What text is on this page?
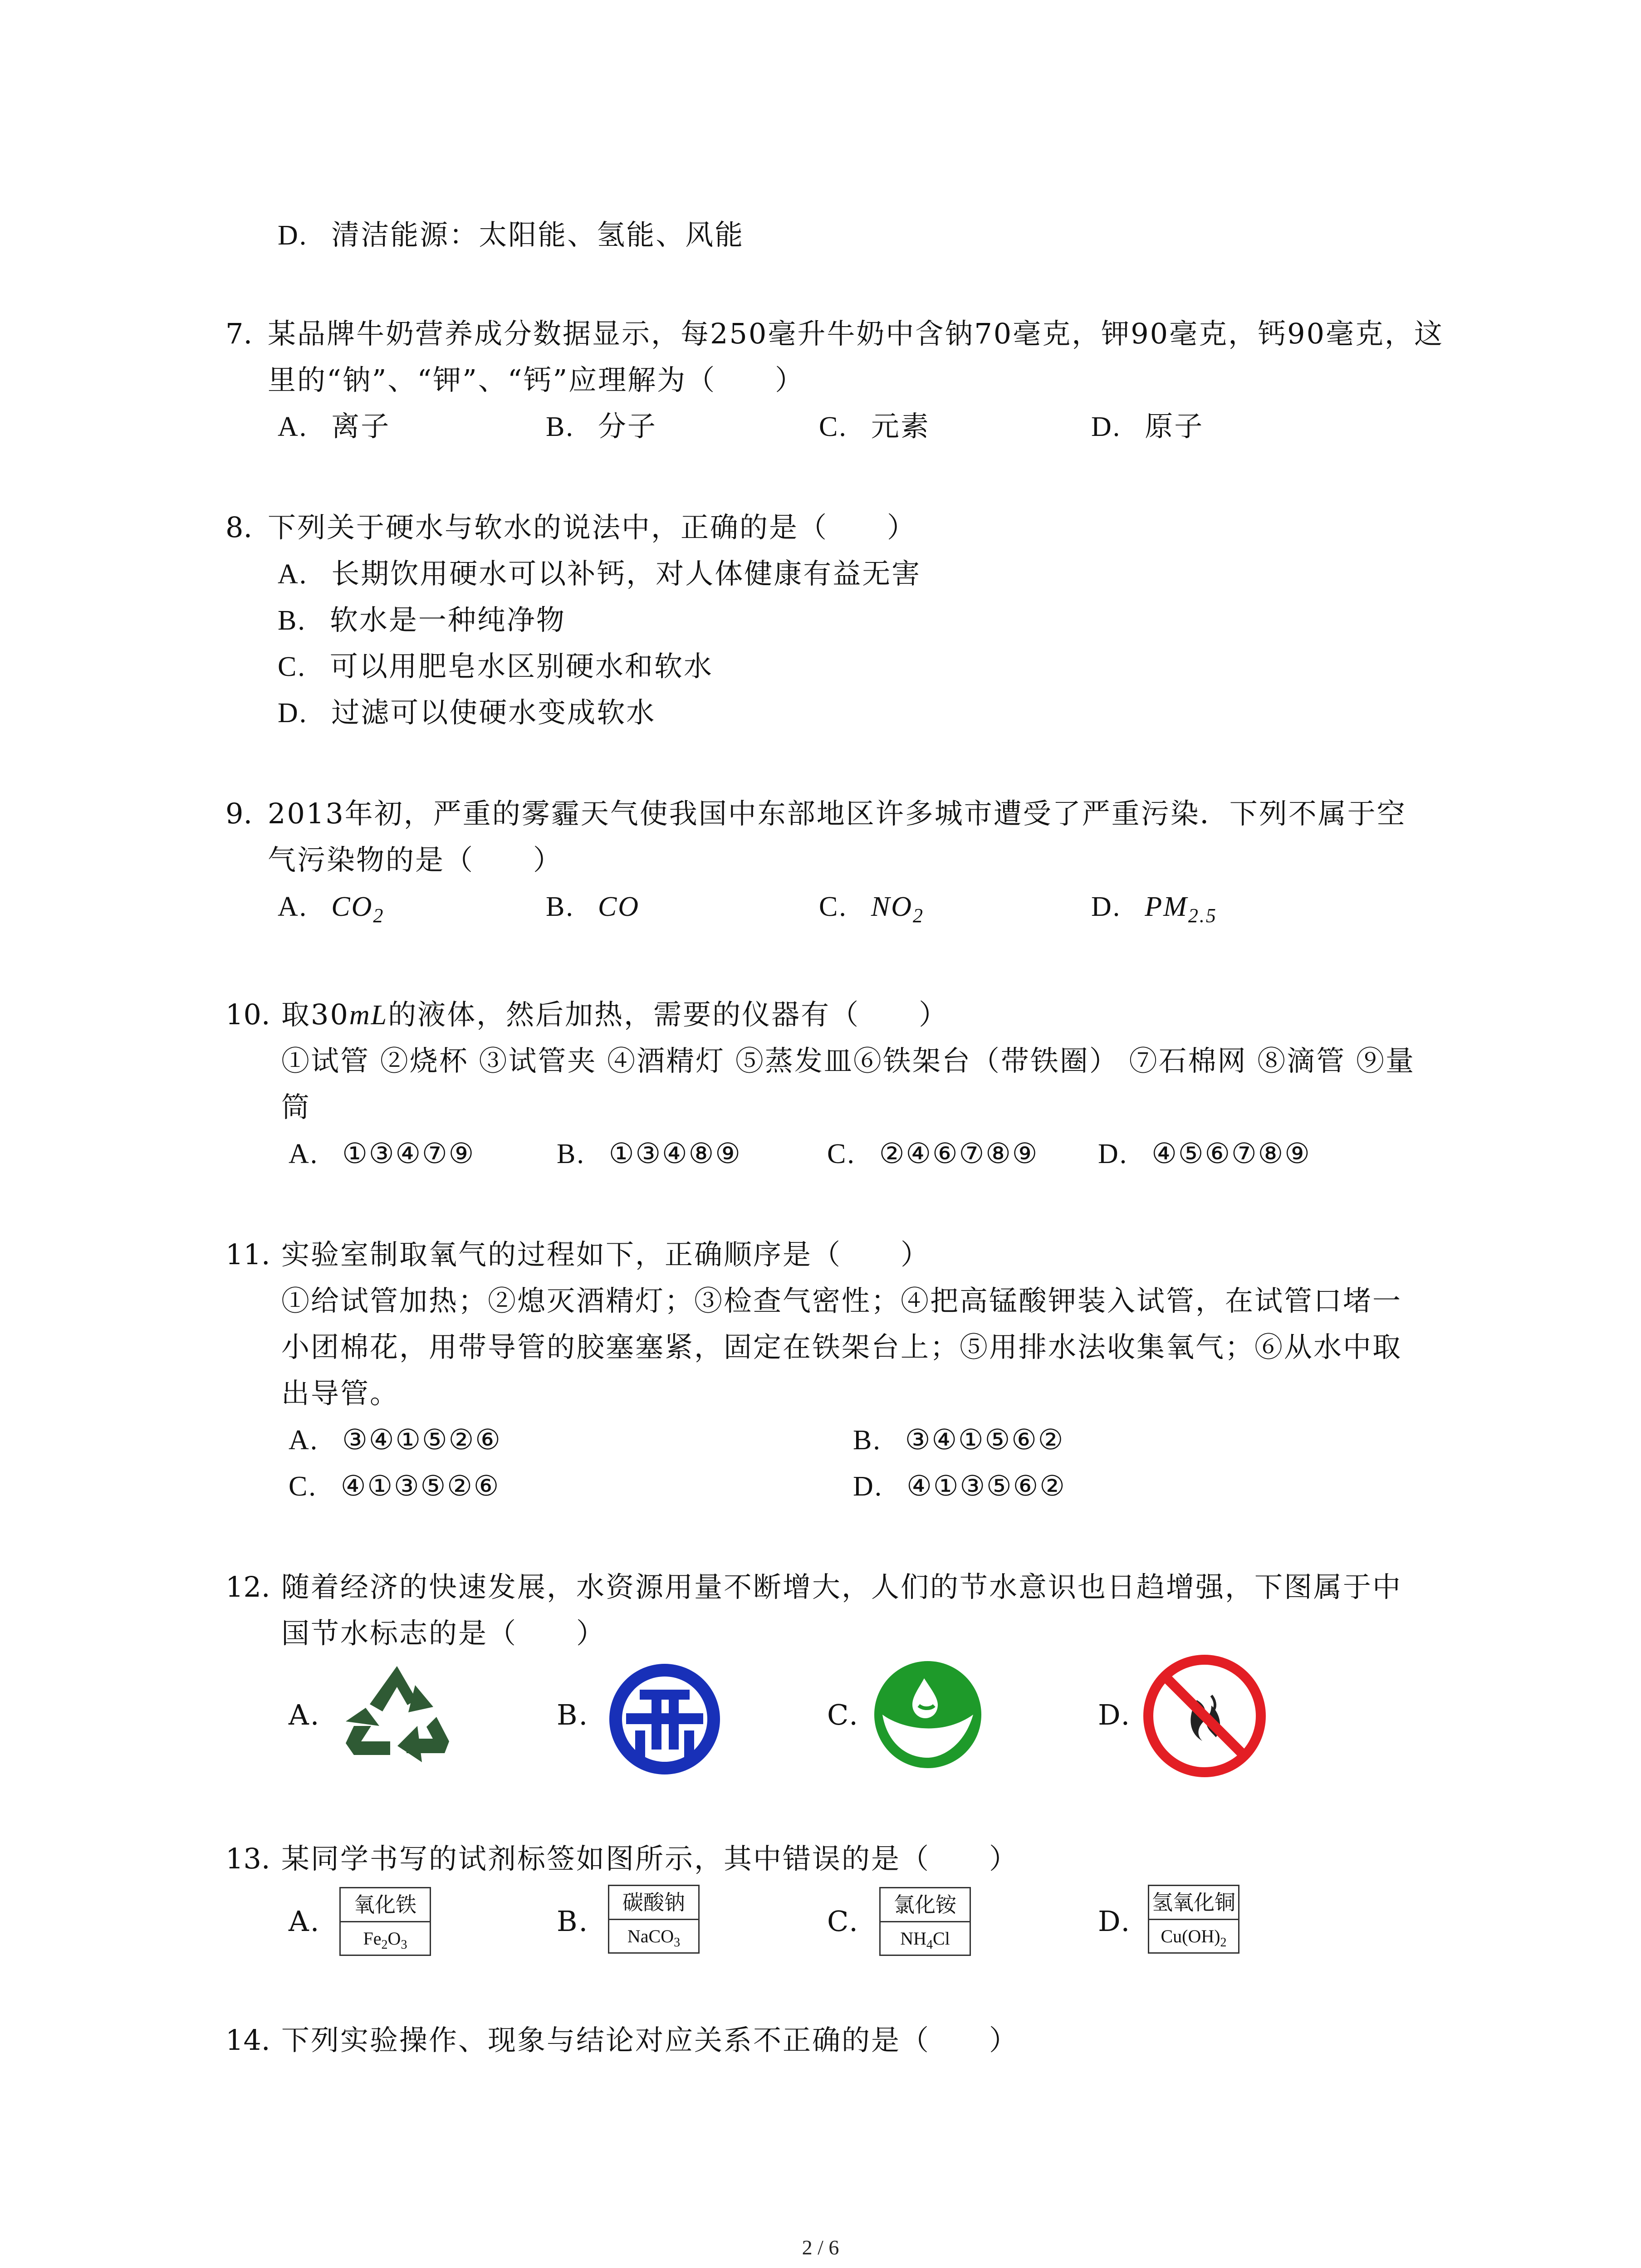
D. 清洁能源：太阳能、氢能、风能
7. 某品牌牛奶营养成分数据显示，每250毫升牛奶中含钠70毫克，钾90毫克，钙90毫克，这
里的“钠”、“钾”、“钙”应理解为（　　）
A. 离子	B. 分子	C. 元素	D. 原子
8. 下列关于硬水与软水的说法中，正确的是（　　）
A. 长期饮用硬水可以补钙，对人体健康有益无害
B. 软水是一种纯净物
C. 可以用肥皂水区别硬水和软水
D. 过滤可以使硬水变成软水
9. 2013年初，严重的雾霾天气使我国中东部地区许多城市遭受了严重污染．下列不属于空
气污染物的是（　　）
A. $CO_2$	B. CO	C. $NO_2$	D. $PM_{2.5}$
10. 取30mL的液体，然后加热，需要的仪器有（　　）
①试管 ②烧杯 ③试管夹 ④酒精灯 ⑤蒸发皿⑥铁架台（带铁圈） ⑦石棉网 ⑧滴管 ⑨量
筒
A. ①③④⑦⑨	B. ①③④⑧⑨	C. ②④⑥⑦⑧⑨ D. ④⑤⑥⑦⑧⑨
11. 实验室制取氧气的过程如下，正确顺序是（　　）
①给试管加热；②熄灭酒精灯；③检查气密性；④把高锰酸钾装入试管，在试管口堵一
小团棉花，用带导管的胶塞塞紧，固定在铁架台上；⑤用排水法收集氧气；⑥从水中取
出导管。
A. ③④①⑤②⑥	B. ③④①⑤⑥②
C. ④①③⑤②⑥	D. ④①③⑤⑥②
12. 随着经济的快速发展，水资源用量不断增大，人们的节水意识也日趋增强，下图属于中
国节水标志的是（　　）
A.	B.	C.	D.
13. 某同学书写的试剂标签如图所示，其中错误的是（　　）
A.	氧化铁
$Fe_2O_3$
B.
碳酸钠
NaCO$_3$
C.	氯化铵
$NH_4Cl$
D.
氢氧化铜
$Cu(OH)_2$
14. 下列实验操作、现象与结论对应关系不正确的是（　　）
2 / 6
